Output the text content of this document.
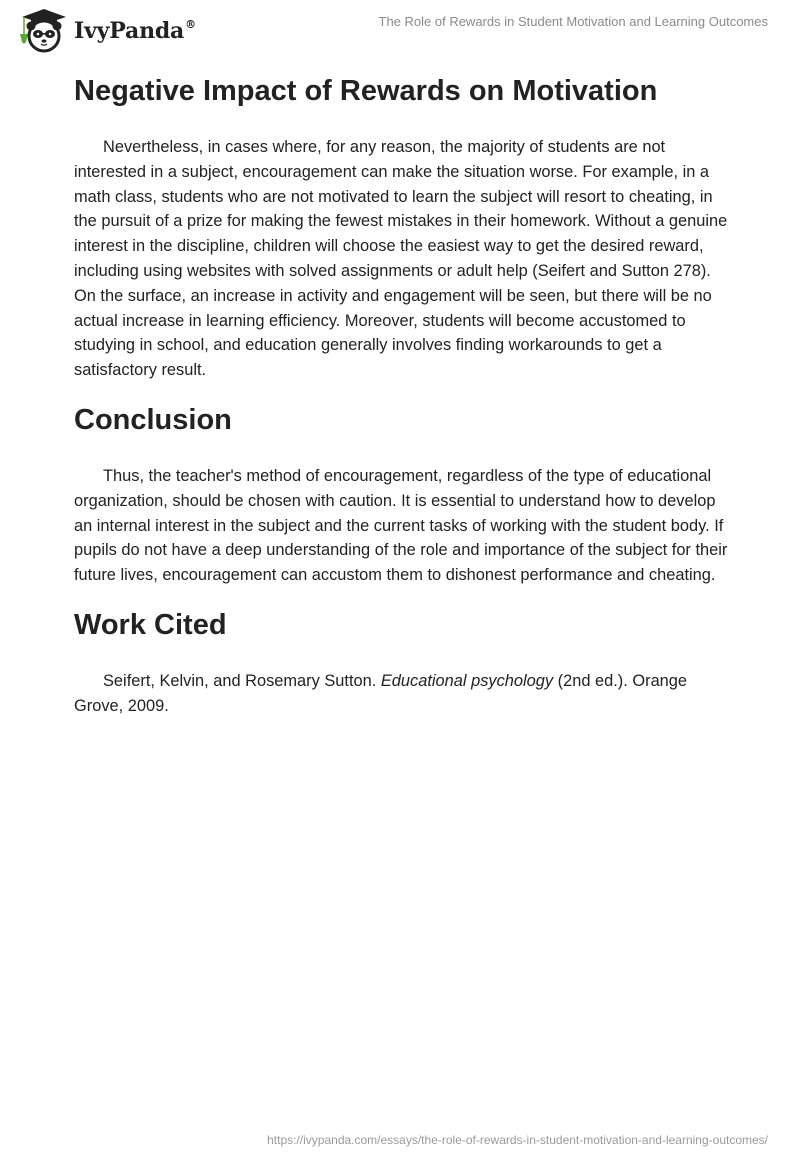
IvyPanda®	The Role of Rewards in Student Motivation and Learning Outcomes
Negative Impact of Rewards on Motivation

Nevertheless, in cases where, for any reason, the majority of students are not interested in a subject, encouragement can make the situation worse. For example, in a math class, students who are not motivated to learn the subject will resort to cheating, in the pursuit of a prize for making the fewest mistakes in their homework. Without a genuine interest in the discipline, children will choose the easiest way to get the desired reward, including using websites with solved assignments or adult help (Seifert and Sutton 278). On the surface, an increase in activity and engagement will be seen, but there will be no actual increase in learning efficiency. Moreover, students will become accustomed to studying in school, and education generally involves finding workarounds to get a satisfactory result.

Conclusion

Thus, the teacher's method of encouragement, regardless of the type of educational organization, should be chosen with caution. It is essential to understand how to develop an internal interest in the subject and the current tasks of working with the student body. If pupils do not have a deep understanding of the role and importance of the subject for their future lives, encouragement can accustom them to dishonest performance and cheating.

Work Cited

Seifert, Kelvin, and Rosemary Sutton. Educational psychology (2nd ed.). Orange Grove, 2009.

https://ivypanda.com/essays/the-role-of-rewards-in-student-motivation-and-learning-outcomes/
